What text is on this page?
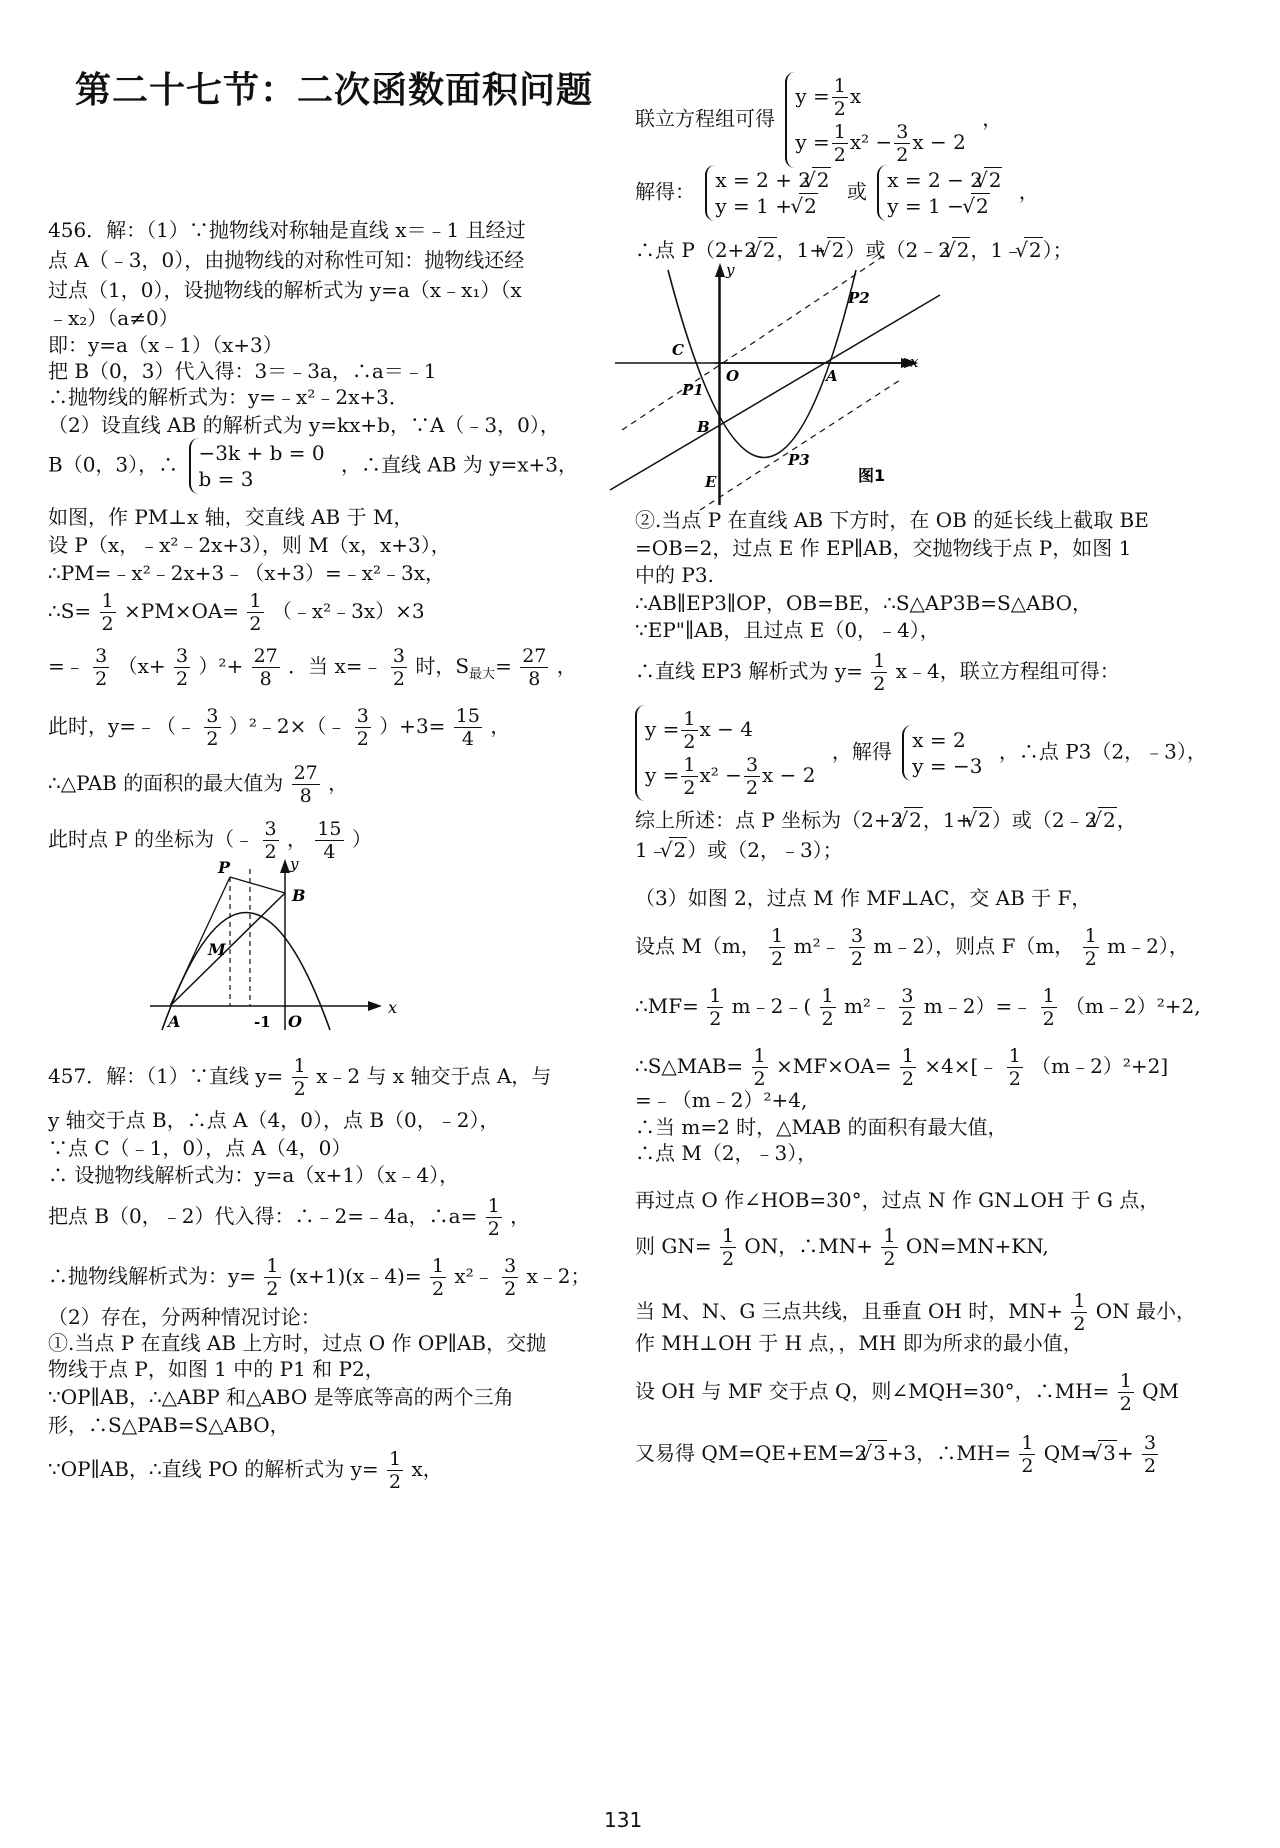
第二十七节：二次函数面积问题
456．解：（1）∵抛物线对称轴是直线 x＝﹣1 且经过
点 A（﹣3，0），由抛物线的对称性可知：抛物线还经
过点（1，0），设抛物线的解析式为 y=a（x﹣x₁）（x
﹣x₂）（a≠0）
即：y=a（x﹣1）（x+3）
把 B（0，3）代入得：3＝﹣3a，∴a＝﹣1
∴抛物线的解析式为：y=﹣x²﹣2x+3．
（2）设直线 AB 的解析式为 y=kx+b，∵A（﹣3，0），
B（0，3），∴ −3k + b = 0
b = 3
，∴直线 AB 为 y=x+3，
如图，作 PM⊥x 轴，交直线 AB 于 M，
设 P（x，﹣x²﹣2x+3），则 M（x，x+3），
∴PM=﹣x²﹣2x+3﹣（x+3）=﹣x²﹣3x，
∴S= $\frac{1}{2} \times PM\times OA= \frac{1}{2}$ （﹣x²﹣3x）×3
=﹣ $\frac{3}{2} (x+ \frac{3}{2} )^2+ \frac{27}{8}$ ．当 x=﹣ $\frac{3}{2}$ 时，$S_{最大}= \frac{27}{8}$ ，
此时，y=﹣（﹣ $\frac{3}{2}$ ）²﹣2×（﹣ $\frac{3}{2} )+3= \frac{15}{4}$ ，
∴△PAB 的面积的最大值为 $\frac{27}{8}$ ，
此时点 P 的坐标为（﹣ $\frac{3}{2}$ ， $\frac{15}{4}$ ）
457．解：（1）∵直线 $y= \frac{1}{2}$ x﹣2 与 x 轴交于点 A，与
y 轴交于点 B，∴点 A（4，0），点 B（0，﹣2），
∵点 C（﹣1，0），点 A（4，0）
∴ 设抛物线解析式为：y=a（x+1）（x﹣4），
把点 B（0，﹣2）代入得：∴﹣2=﹣4a，∴a= $\frac{1}{2}$ ，
∴抛物线解析式为：$y= \frac{1}{2}$ (x+1)(x﹣4)= $\frac{1}{2}$ x²﹣ $\frac{3}{2}$ x﹣2；
（2）存在，分两种情况讨论：
①.当点 P 在直线 AB 上方时，过点 O 作 OP∥AB，交抛
物线于点 P，如图 1 中的 P1 和 P2，
∵OP∥AB，∴△ABP 和△ABO 是等底等高的两个三角
形，∴S△PAB=S△ABO，
∵OP∥AB，∴直线 PO 的解析式为 $y= \frac{1}{2}$ x，
P	y
B
M
A	-1 O
x
联立方程组可得
$y = \frac{1}{2}$ x
$y = \frac{1}{2} x^2 - \frac{3}{2}$ x − 2
，
解得： x = 2 + 2√ 2
y = 1 + √ 2
或 x = 2 − 2√ 2
y = 1 − √ 2
，
∴点 P（2+2√ 2，1+√ 2）或（2﹣2√ 2，1﹣√ 2）；
②.当点 P 在直线 AB 下方时，在 OB 的延长线上截取 BE
=OB=2，过点 E 作 EP∥AB，交抛物线于点 P，如图 1
中的 P3.
∴AB∥EP3∥OP，OB=BE，∴S△AP3B=S△ABO，
∵EP"∥AB，且过点 E（0，﹣4），
∴直线 EP3 解析式为 $y= \frac{1}{2}$ x﹣4，联立方程组可得：
$y = \frac{1}{2}$ x − 4
$y = \frac{1}{2} x^2 - \frac{3}{2}$ x − 2
，解得 x = 2
y = −3
，∴点 P3（2，﹣3），
综上所述：点 P 坐标为（2+2√ 2，1+√ 2）或（2﹣2√ 2，
1﹣√ 2）或（2，﹣3）；
（3）如图 2，过点 M 作 MF⊥AC，交 AB 于 F，
设点 M（m， $\frac{1}{2}$ m²﹣ $\frac{3}{2}$ m﹣2），则点 F（m， $\frac{1}{2}$ m﹣2），
∴MF= $\frac{1}{2}$ m﹣2﹣( $\frac{1}{2}$ m²﹣ $\frac{3}{2}$ m﹣2）=﹣ $\frac{1}{2}$ （m﹣2）²+2,
∴S△MAB= $\frac{1}{2} \times MF\times OA= \frac{1}{2}$ ×4×[﹣ $\frac{1}{2}$ （m﹣2）²+2]
=﹣（m﹣2）²+4,
∴当 m=2 时，△MAB 的面积有最大值，
∴点 M（2，﹣3），
再过点 O 作∠HOB=30°，过点 N 作 GN⊥OH 于 G 点，
则 $GN= \frac{1}{2}$ ON，∴MN+ $\frac{1}{2} ON=MN+KN$,
当 M、N、G 三点共线，且垂直 OH 时，$MN+ \frac{1}{2}$ ON 最小，
作 MH⊥OH 于 H 点，，MH 即为所求的最小值，
设 OH 与 MF 交于点 Q，则∠MQH=30°，∴MH= $\frac{1}{2}$ QM
又易得 QM=QE+EM=2√ 3+3，∴MH= $\frac{1}{2} QM=√$ $3+ \frac{3}{2}$
y
P2
C
O	A
x
P1
B
P3
E	图1
131
